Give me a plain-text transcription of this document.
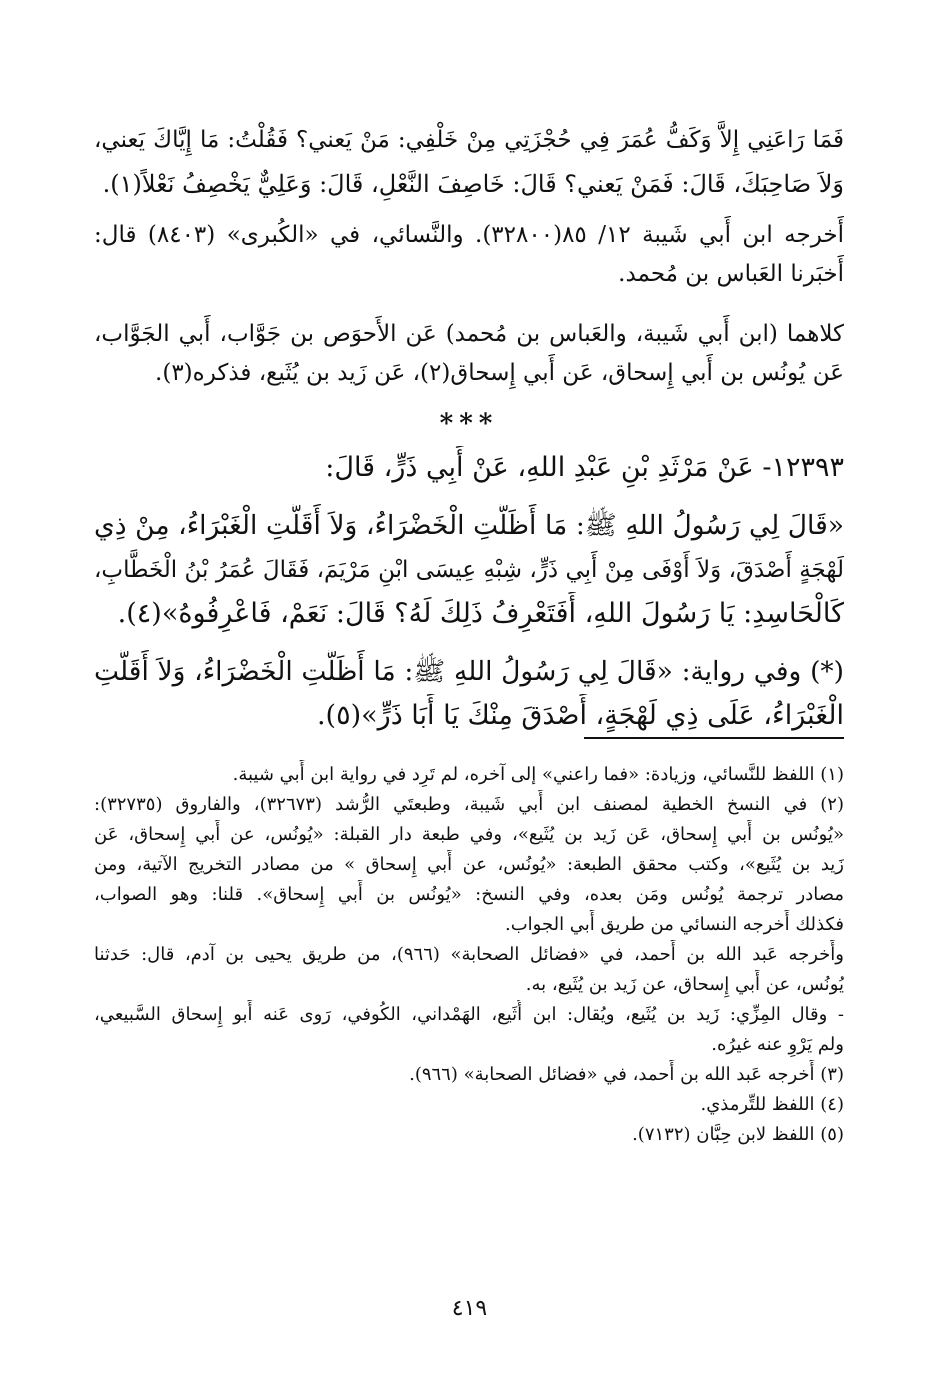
فَمَا رَاعَنِي إِلاَّ وَكَفُّ عُمَرَ فِي حُجْزَتِي مِنْ خَلْفِي: مَنْ يَعني؟ فَقُلْتُ: مَا إِيَّاكَ يَعني،
وَلاَ صَاحِبَكَ، قَالَ: فَمَنْ يَعني؟ قَالَ: خَاصِفَ النَّعْلِ، قَالَ: وَعَلِيٌّ يَخْصِفُ نَعْلاً(١).
أَخرجه ابن أَبي شَيبة ١٢/ ٨٥(٣٢٨٠٠). والنَّسائي، في «الكُبرى» (٨٤٠٣) قال:
أَخبَرنا العَباس بن مُحمد.
كلاهما (ابن أَبي شَيبة، والعَباس بن مُحمد) عَن الأَحوَص بن جَوَّاب، أَبي الجَوَّاب،
عَن يُونُس بن أَبي إِسحاق، عَن أَبي إِسحاق(٢)، عَن زَيد بن يُثَيع، فذكره(٣).
***
١٢٣٩٣- عَنْ مَرْثَدِ بْنِ عَبْدِ اللهِ، عَنْ أَبِي ذَرٍّ، قَالَ:
«قَالَ لِي رَسُولُ اللهِ ﷺ: مَا أَظَلَّتِ الْخَضْرَاءُ، وَلاَ أَقَلَّتِ الْغَبْرَاءُ، مِنْ ذِي
لَهْجَةٍ أَصْدَقَ، وَلاَ أَوْفَى مِنْ أَبِي ذَرٍّ، شِبْهِ عِيسَى ابْنِ مَرْيَمَ، فَقَالَ عُمَرُ بْنُ الْخَطَّابِ،
كَالْحَاسِدِ: يَا رَسُولَ اللهِ، أَفَتَعْرِفُ ذَلِكَ لَهُ؟ قَالَ: نَعَمْ، فَاعْرِفُوهُ»(٤).
(*) وفي رواية: «قَالَ لِي رَسُولُ اللهِ ﷺ: مَا أَظَلَّتِ الْخَضْرَاءُ، وَلاَ أَقَلَّتِ
الْغَبْرَاءُ، عَلَى ذِي لَهْجَةٍ، أَصْدَقَ مِنْكَ يَا أَبَا ذَرٍّ»(٥).
(١) اللفظ للنَّسائي، وزيادة: «فما راعني» إلى آخره، لم تَرِد في رواية ابن أَبي شيبة.
(٢) في النسخ الخطية لمصنف ابن أَبي شَيبة، وطبعتَي الرُّشد (٣٢٦٧٣)، والفاروق (٣٢٧٣٥):
«يُونُس بن أَبي إِسحاق، عَن زَيد بن يُثَيع»، وفي طبعة دار القبلة: «يُونُس، عن أَبي إِسحاق، عَن
زَيد بن يُثَيع»، وكتب محقق الطبعة: «يُونُس، عن أَبي إِسحاق » من مصادر التخريج الآتية، ومن
مصادر ترجمة يُونُس ومَن بعده، وفي النسخ: «يُونُس بن أَبي إِسحاق». قلنا: وهو الصواب،
فكذلك أَخرجه النسائي من طريق أَبي الجواب.
وأَخرجه عَبد الله بن أَحمد، في «فضائل الصحابة» (٩٦٦)، من طريق يحيى بن آدم، قال: حَدثنا
يُونُس، عن أَبي إِسحاق، عن زَيد بن يُثَيع، به.
- وقال المِزِّي: زَيد بن يُثَيع، ويُقال: ابن أُثَيع، الهَمْداني، الكُوفي، رَوى عَنه أَبو إِسحاق السَّبيعي،
ولم يَرْوِ عنه غيرُه.
(٣) أَخرجه عَبد الله بن أَحمد، في «فضائل الصحابة» (٩٦٦).
(٤) اللفظ للتِّرمذي.
(٥) اللفظ لابن حِبَّان (٧١٣٢).
٤١٩
